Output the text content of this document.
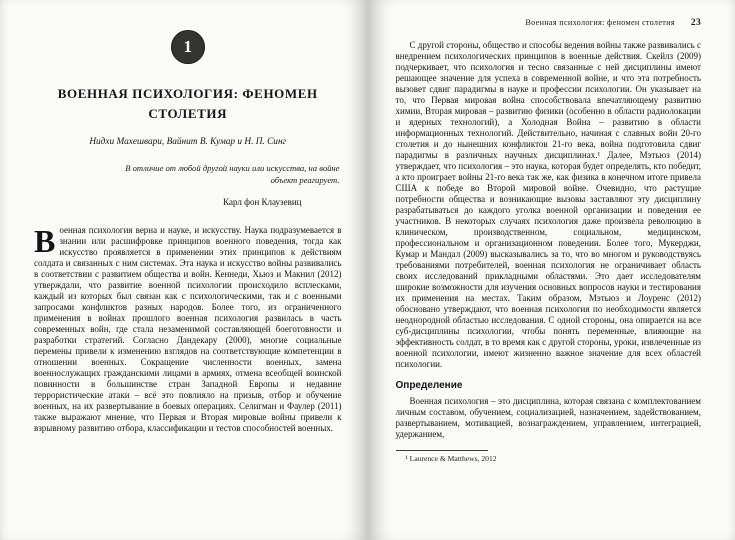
1
ВОЕННАЯ ПСИХОЛОГИЯ: ФЕНОМЕН СТОЛЕТИЯ

Нидхи Махешвари, Вайнит В. Кумар и Н. П. Синг

В отличие от любой другой науки или искусства, на войне объект реагирует.

Карл фон Клаузевиц

Военная психология верна и науке, и искусству. Наука подразумевается в знании или расшифровке принципов военного поведения, тогда как искусство проявляется в применении этих принципов к действиям солдата и связанных с ним системах. Эта наука и искусство войны развивались в соответствии с развитием общества и войн. Кеннеди, Хьюз и Макнил (2012) утверждали, что развитие военной психологии происходило всплесками, каждый из которых был связан как с психологическими, так и с военными запросами конфликтов разных народов. Более того, из ограниченного применения в войнах прошлого военная психология развилась в часть современных войн, где стала незаменимой составляющей боеготовности и разработки стратегий. Согласно Дандекару (2000), многие социальные перемены привели к изменению взглядов на соответствующие компетенции в отношении военных. Сокращение численности военных, замена военнослужащих гражданскими лицами в армиях, отмена всеобщей воинской повинности в большинстве стран Западной Европы и недавние террористические атаки – всё это повлияло на призыв, отбор и обучение военных, на их развертывание в боевых операциях. Селигман и Фаулер (2011) также выражают мнение, что Первая и Вторая мировые войны привели к взрывному развитию отбора, классификации и тестов способностей военных.
Военная психология: феномен столетия 23

С другой стороны, общество и способы ведения войны также развивались с внедрением психологических принципов в военные действия. Скейлз (2009) подчеркивает, что психология и тесно связанные с ней дисциплины имеют решающее значение для успеха в современной войне, и что эта потребность вызовет сдвиг парадигмы в науке и профессии психологии. Он указывает на то, что Первая мировая война способствовала впечатляющему развитию химии, Вторая мировая – развитию физики (особенно в области радиолокации и ядерных технологий), а Холодная Война – развитию в области информационных технологий. Действительно, начиная с славных войн 20-го столетия и до нынешних конфликтов 21-го века, война подготовила сдвиг парадигмы в различных научных дисциплинах.¹ Далее, Мэтьюз (2014) утверждает, что психология – это наука, которая будет определять, кто победит, а кто проиграет войны 21-го века так же, как физика в конечном итоге привела США к победе во Второй мировой войне. Очевидно, что растущие потребности общества и возникающие вызовы заставляют эту дисциплину разрабатываться до каждого уголка военной организации и поведения ее участников. В некоторых случаях психология даже произвела революцию в клиническом, производственном, социальном, медицинском, профессиональном и организационном поведении. Более того, Мукерджи, Кумар и Мандал (2009) высказывались за то, что во многом и руководствуясь требованиями потребителей, военная психология не ограничивает область своих исследований прикладными областями. Это дает исследователям широкие возможности для изучения основных вопросов науки и тестирования их применения на местах. Таким образом, Мэтьюз и Лоуренс (2012) обосновано утверждают, что военная психология по необходимости является неоднородной областью исследования. С одной стороны, она опирается на все суб-дисциплины психологии, чтобы понять переменные, влияющие на эффективность солдат, в то время как с другой стороны, уроки, извлеченные из военной психологии, имеют жизненно важное значение для всех областей психологии.

Определение

Военная психология – это дисциплина, которая связана с комплектованием личным составом, обучением, социализацией, назначением, задействованием, развертыванием, мотивацией, вознаграждением, управлением, интеграцией, удержанием,

¹ Laurence & Matthews, 2012
